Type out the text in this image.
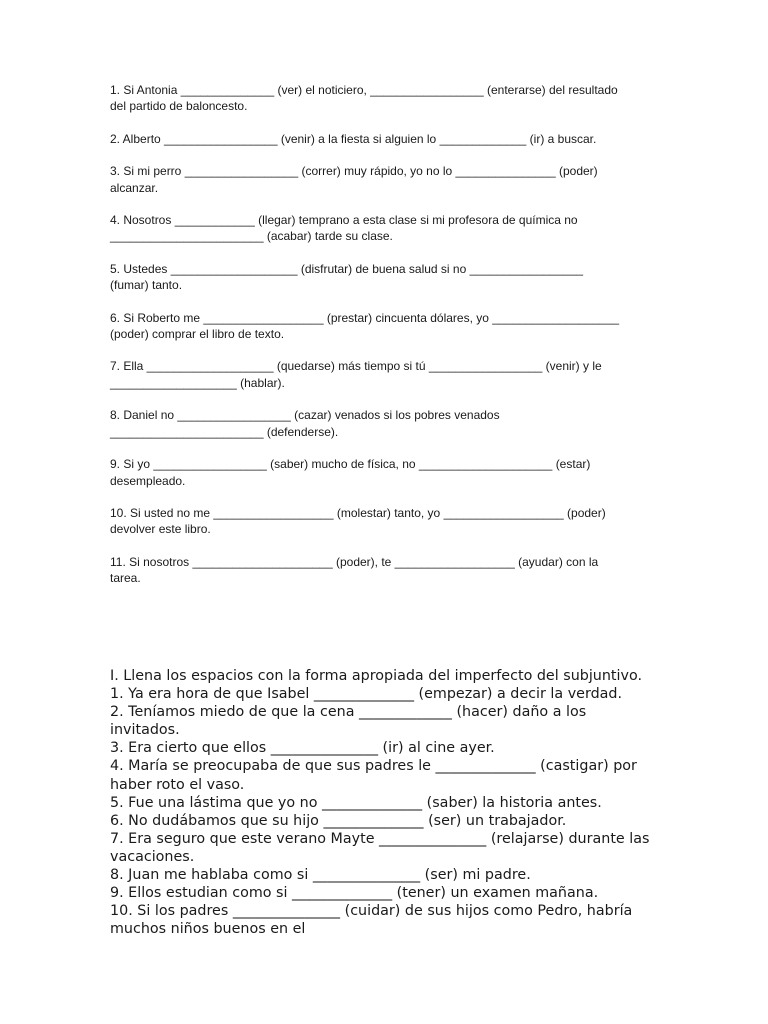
1. Si Antonia ______________ (ver) el noticiero, _________________ (enterarse) del resultado
del partido de baloncesto.

2. Alberto _________________ (venir) a la fiesta si alguien lo _____________ (ir) a buscar.

3. Si mi perro _________________ (correr) muy rápido, yo no lo _______________ (poder)
alcanzar.

4. Nosotros ____________ (llegar) temprano a esta clase si mi profesora de química no
_______________________ (acabar) tarde su clase.

5. Ustedes ___________________ (disfrutar) de buena salud si no _________________
(fumar) tanto.

6. Si Roberto me __________________ (prestar) cincuenta dólares, yo ___________________
(poder) comprar el libro de texto.

7. Ella ___________________ (quedarse) más tiempo si tú _________________ (venir) y le
___________________ (hablar).

8. Daniel no _________________ (cazar) venados si los pobres venados
_______________________ (defenderse).

9. Si yo _________________ (saber) mucho de física, no ____________________ (estar)
desempleado.

10. Si usted no me __________________ (molestar) tanto, yo __________________ (poder)
devolver este libro.

11. Si nosotros _____________________ (poder), te __________________ (ayudar) con la
tarea.

I. Llena los espacios con la forma apropiada del imperfecto del subjuntivo.

1. Ya era hora de que Isabel ______________ (empezar) a decir la verdad.

2. Teníamos miedo de que la cena _____________ (hacer) daño a los
invitados.

3. Era cierto que ellos _______________ (ir) al cine ayer.

4. María se preocupaba de que sus padres le ______________ (castigar) por
haber roto el vaso.

5. Fue una lástima que yo no ______________ (saber) la historia antes.

6. No dudábamos que su hijo ______________ (ser) un trabajador.

7. Era seguro que este verano Mayte _______________ (relajarse) durante las
vacaciones.

8. Juan me hablaba como si _______________ (ser) mi padre.

9. Ellos estudian como si ______________ (tener) un examen mañana.

10. Si los padres _______________ (cuidar) de sus hijos como Pedro, habría
muchos niños buenos en el
